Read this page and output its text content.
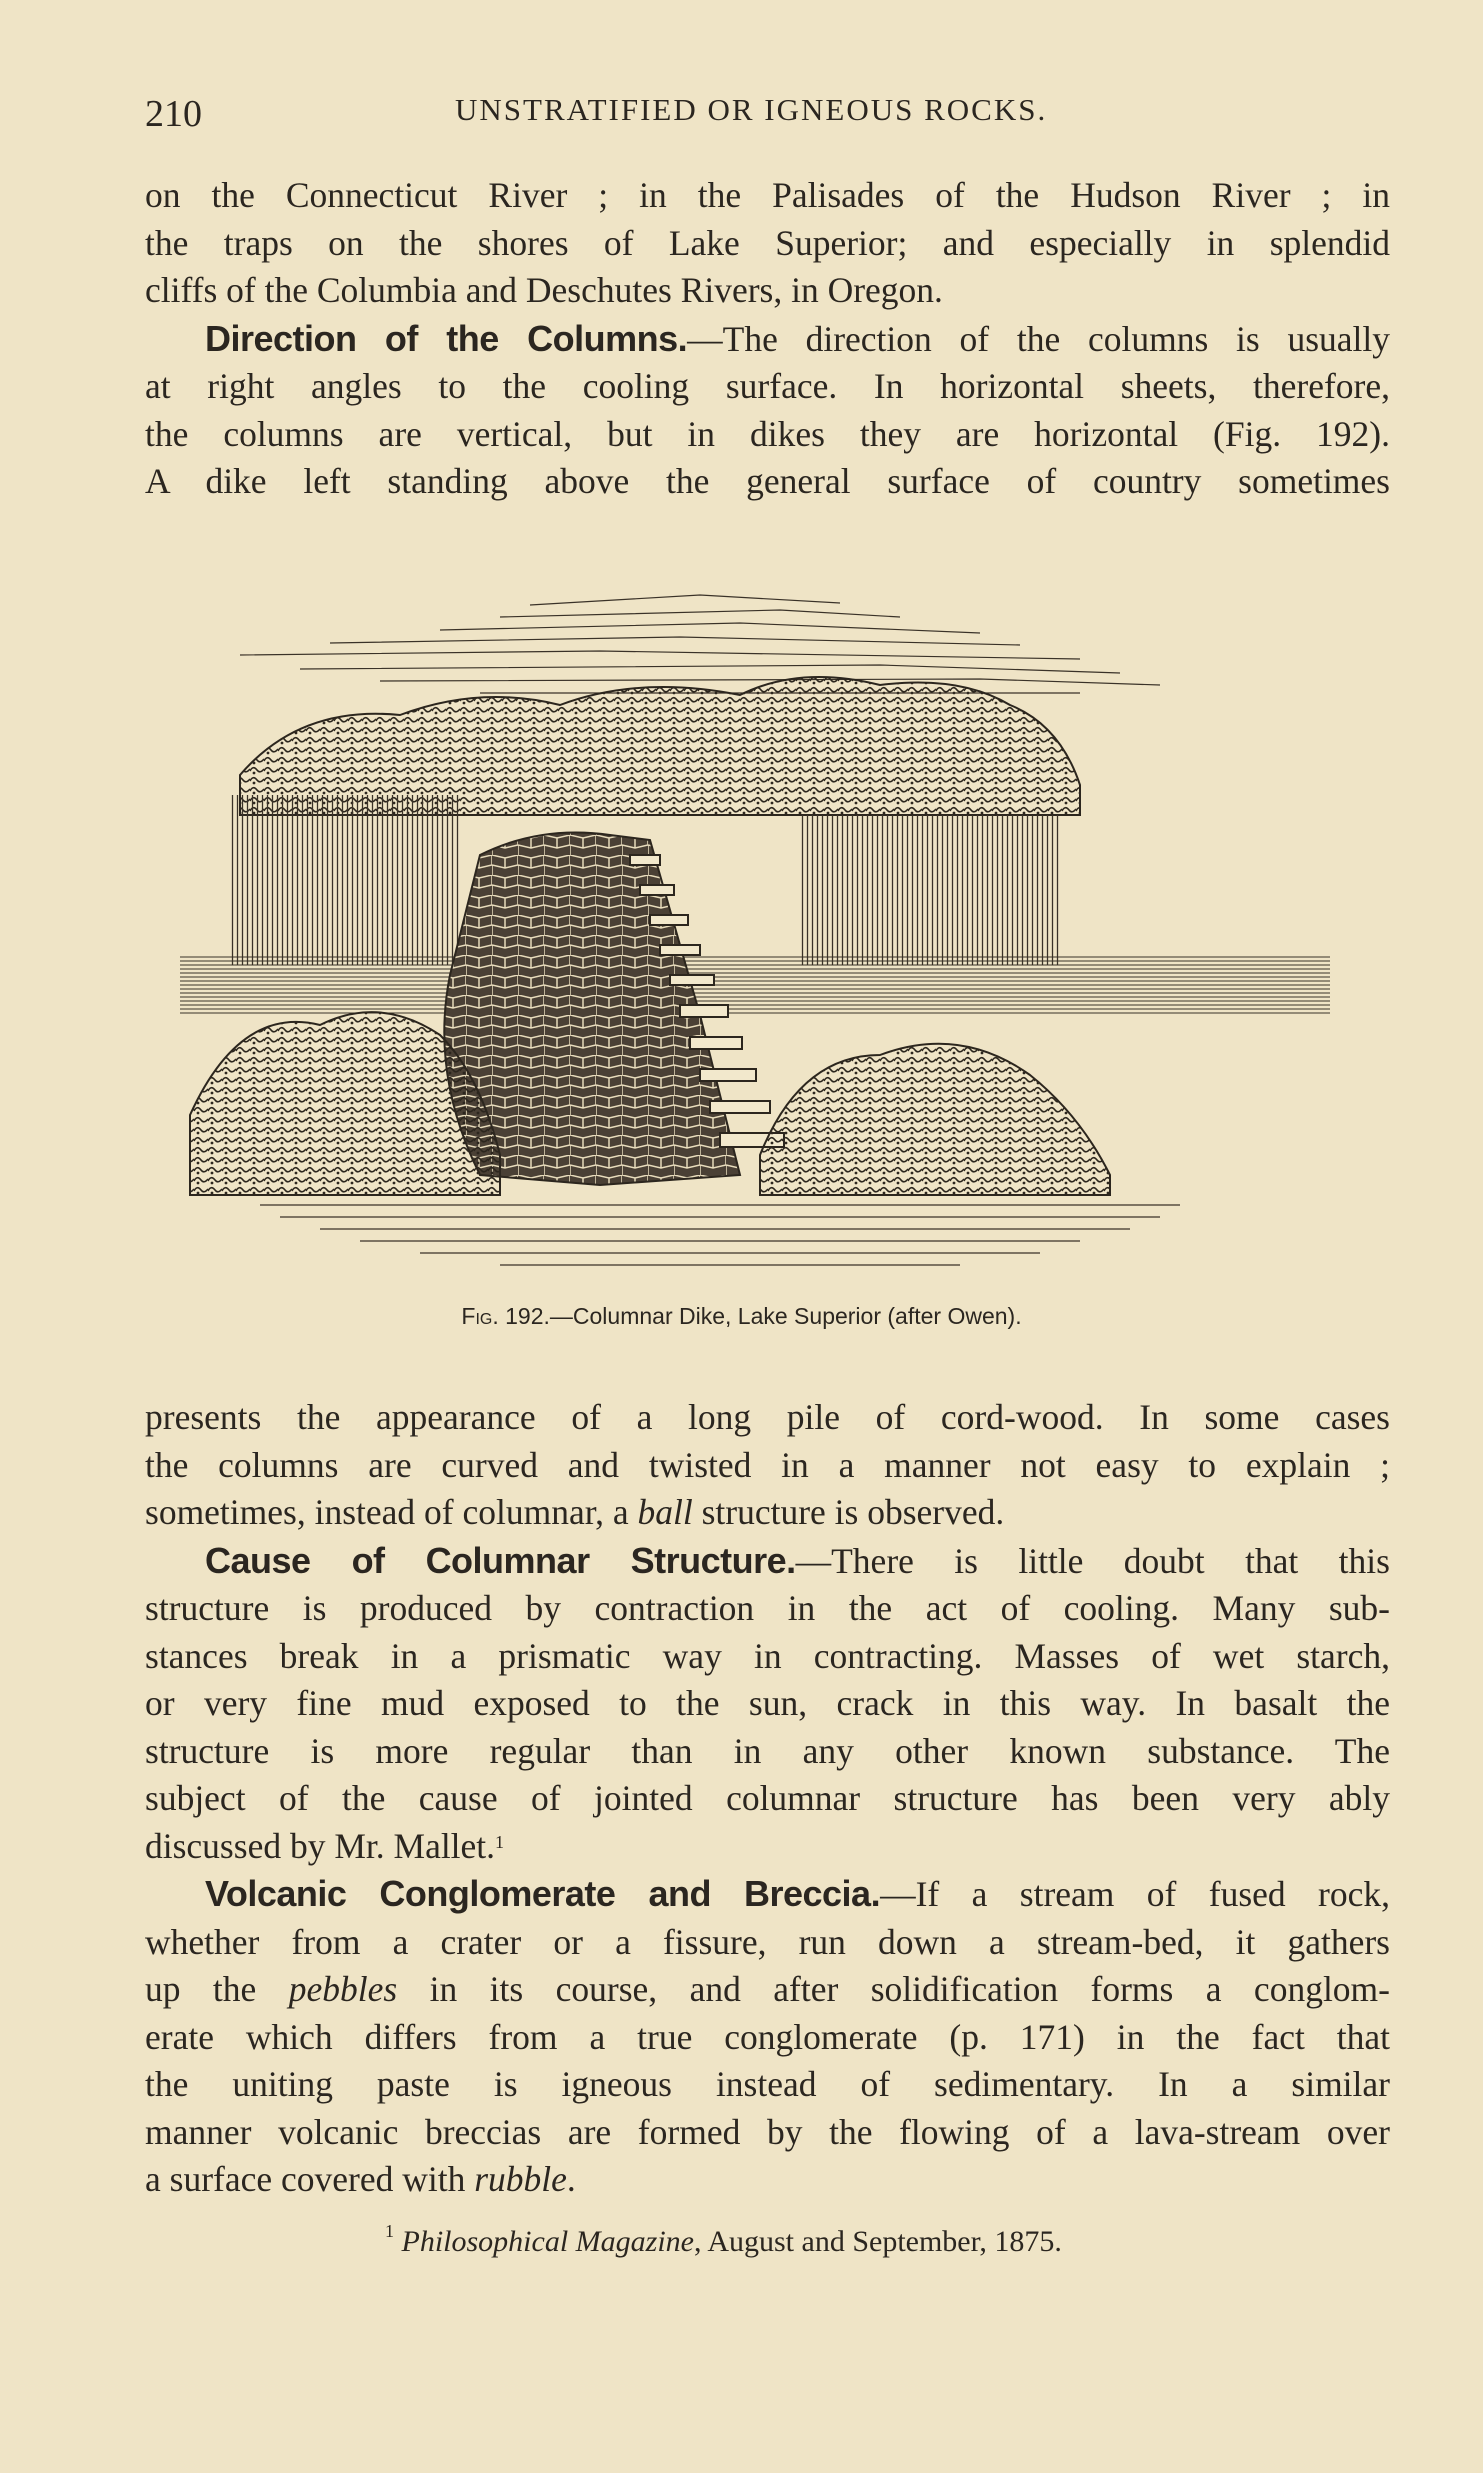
210	UNSTRATIFIED OR IGNEOUS ROCKS.

on the Connecticut River ; in the Palisades of the Hudson River ; in
the traps on the shores of Lake Superior; and especially in splendid
cliffs of the Columbia and Deschutes Rivers, in Oregon.

Direction of the Columns.—The direction of the columns is usually
at right angles to the cooling surface. In horizontal sheets, therefore,
the columns are vertical, but in dikes they are horizontal (Fig. 192).
A dike left standing above the general surface of country sometimes

Fig. 192.—Columnar Dike, Lake Superior (after Owen).

presents the appearance of a long pile of cord-wood. In some cases
the columns are curved and twisted in a manner not easy to explain ;
sometimes, instead of columnar, a ball structure is observed.

Cause of Columnar Structure.—There is little doubt that this
structure is produced by contraction in the act of cooling. Many sub-
stances break in a prismatic way in contracting. Masses of wet starch,
or very fine mud exposed to the sun, crack in this way. In basalt the
structure is more regular than in any other known substance. The
subject of the cause of jointed columnar structure has been very ably
discussed by Mr. Mallet.$^1$

Volcanic Conglomerate and Breccia.—If a stream of fused rock,
whether from a crater or a fissure, run down a stream-bed, it gathers
up the pebbles in its course, and after solidification forms a conglom-
erate which differs from a true conglomerate (p. 171) in the fact that
the uniting paste is igneous instead of sedimentary. In a similar
manner volcanic breccias are formed by the flowing of a lava-stream over
a surface covered with rubble.

$^1$ Philosophical Magazine, August and September, 1875.
